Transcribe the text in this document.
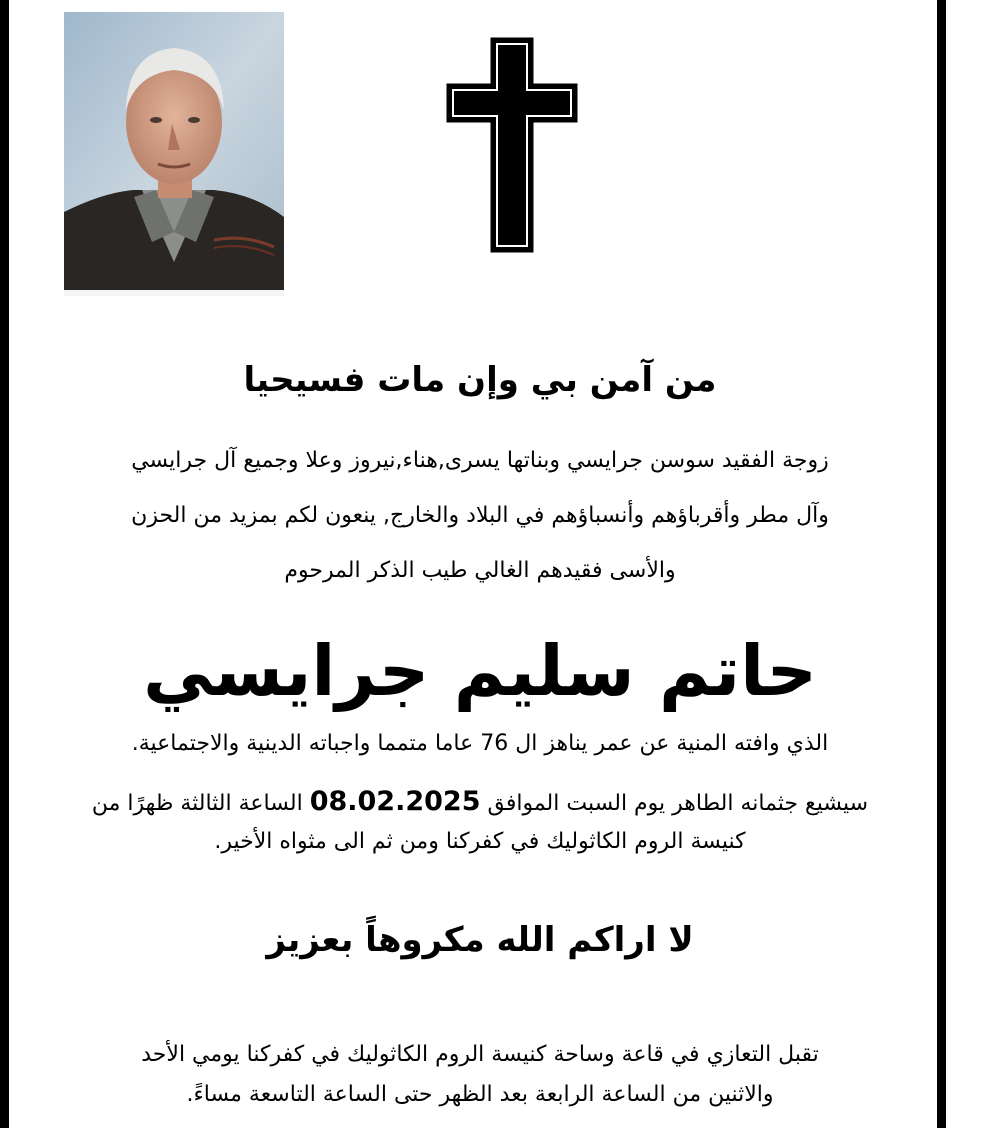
من آمن بي وإن مات فسيحيا
زوجة الفقيد سوسن جرايسي وبناتها يسرى,هناء,نيروز وعلا وجميع آل جرايسي
وآل مطر وأقرباؤهم وأنسباؤهم في البلاد والخارج, ينعون لكم بمزيد من الحزن
والأسى فقيدهم الغالي طيب الذكر المرحوم
حاتم سليم جرايسي
الذي وافته المنية عن عمر يناهز ال 76 عاما متمما واجباته الدينية والاجتماعية.
سيشيع جثمانه الطاهر يوم السبت الموافق 08.02.2025 الساعة الثالثة ظهرًا من
كنيسة الروم الكاثوليك في كفركنا ومن ثم الى مثواه الأخير.
لا اراكم الله مكروهاً بعزيز
تقبل التعازي في قاعة وساحة كنيسة الروم الكاثوليك في كفركنا يومي الأحد
والاثنين من الساعة الرابعة بعد الظهر حتى الساعة التاسعة مساءً.
